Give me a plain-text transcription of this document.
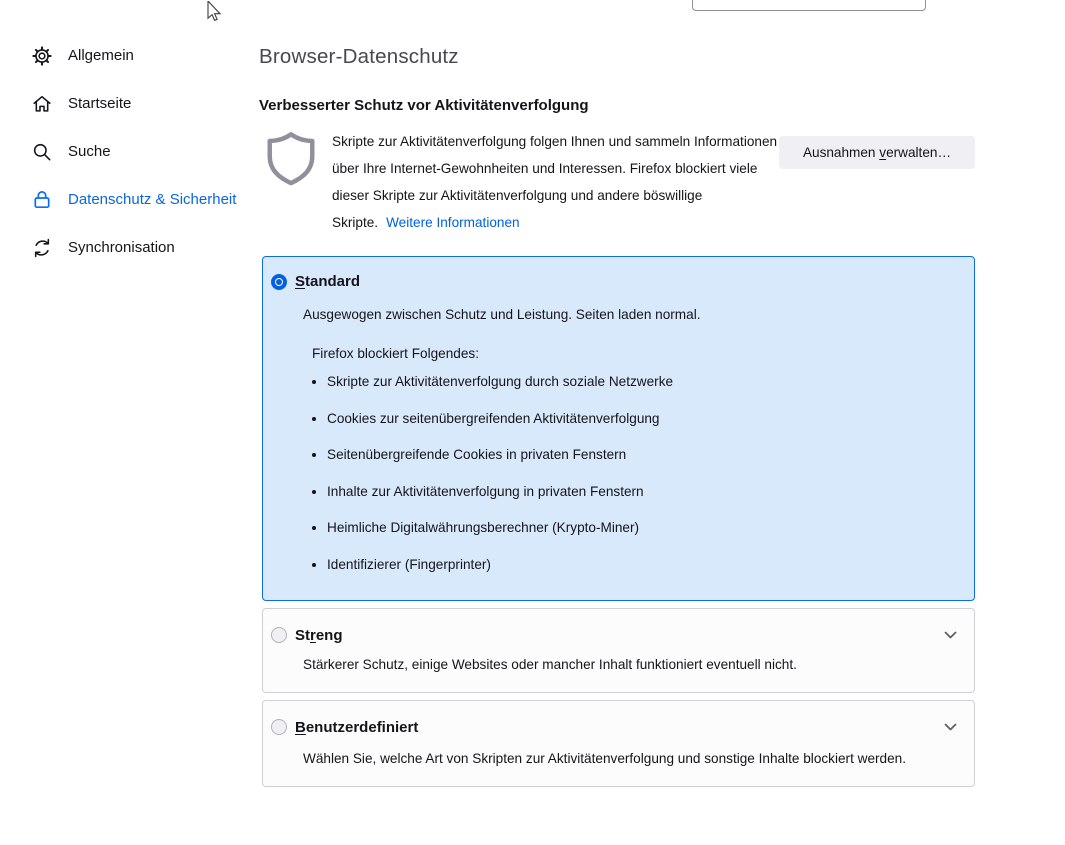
Allgemein
Startseite
Suche
Datenschutz & Sicherheit
Synchronisation
Browser-Datenschutz
Verbesserter Schutz vor Aktivitätenverfolgung

Skripte zur Aktivitätenverfolgung folgen Ihnen und sammeln Informationen über Ihre Internet-Gewohnheiten und Interessen. Firefox blockiert viele dieser Skripte zur Aktivitätenverfolgung und andere böswillige Skripte. Weitere Informationen

Ausnahmen verwalten…
Standard

Ausgewogen zwischen Schutz und Leistung. Seiten laden normal.

Firefox blockiert Folgendes:

• Skripte zur Aktivitätenverfolgung durch soziale Netzwerke
• Cookies zur seitenübergreifenden Aktivitätenverfolgung
• Seitenübergreifende Cookies in privaten Fenstern
• Inhalte zur Aktivitätenverfolgung in privaten Fenstern
• Heimliche Digitalwährungsberechner (Krypto-Miner)
• Identifizierer (Fingerprinter)
Streng

Stärkerer Schutz, einige Websites oder mancher Inhalt funktioniert eventuell nicht.

Benutzerdefiniert

Wählen Sie, welche Art von Skripten zur Aktivitätenverfolgung und sonstige Inhalte blockiert werden.
